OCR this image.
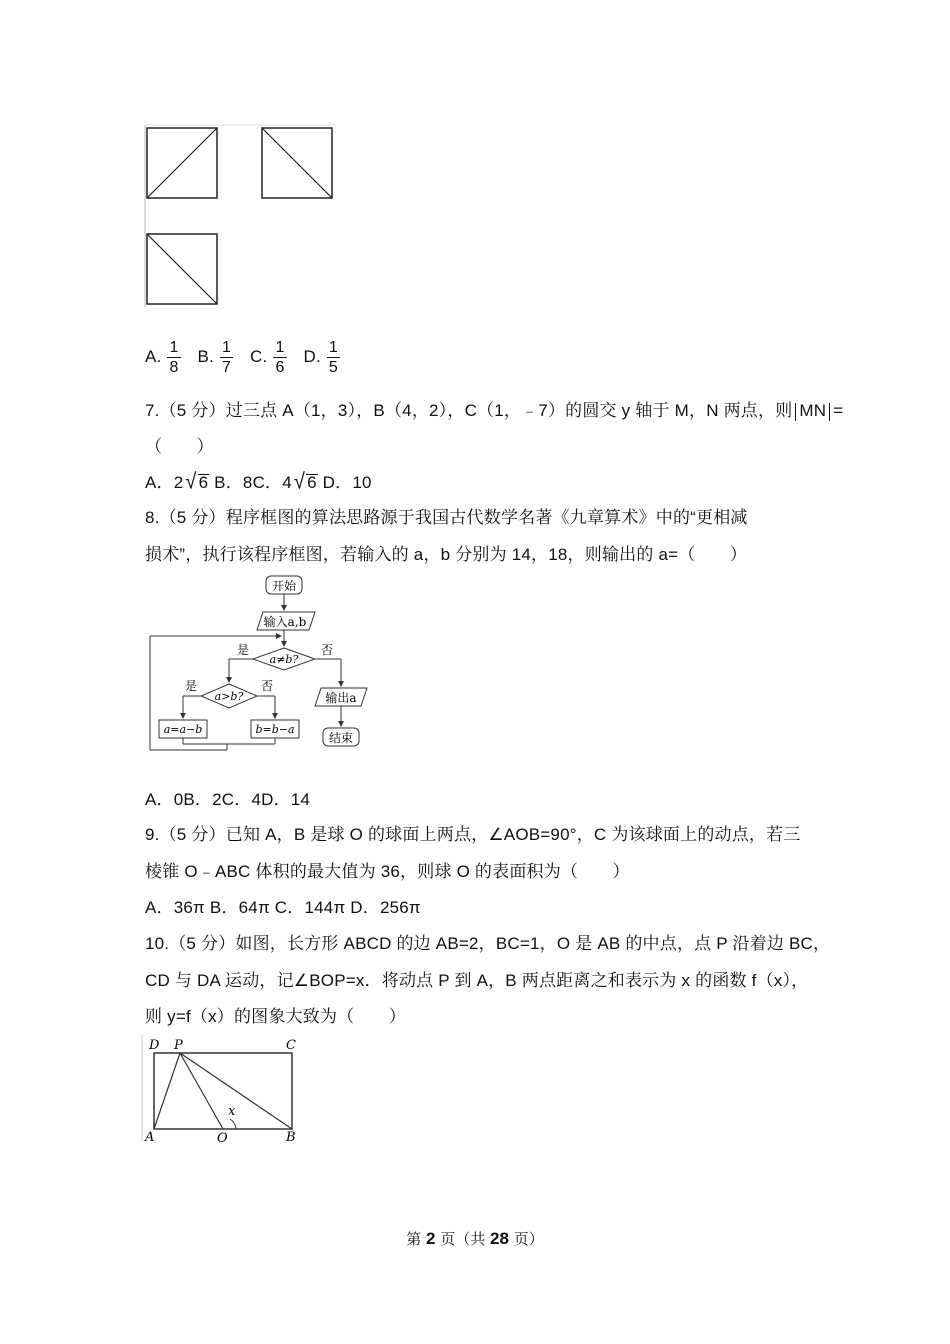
A. $\frac{1}{8} B$. $\frac{1}{7} C$. $\frac{1}{6} D$. $\frac{1}{5}$
7.（5 分）过三点 A（1，3），B（4，2），C（1，﹣7）的圆交 y 轴于 M，N 两点，则 MN =
（　　）
A．2 √ 6 B．8C．4 √ 6 D．10
8.（5 分）程序框图的算法思路源于我国古代数学名著《九章算术》中的“更相减
损术”，执行该程序框图，若输入的 a，b 分别为 14，18，则输出的 a=（　　）
开始
输入a,b
a≠b?
是	否
输出a
结束
a>b?
是	否
a=a−b	b=b−a
A．0B．2C．4D．14
9.（5 分）已知 A，B 是球 O 的球面上两点，∠AOB=90°，C 为该球面上的动点，若三
棱锥 O﹣ABC 体积的最大值为 36，则球 O 的表面积为（　　）
A．36π B．64π C．144π D．256π
10.（5 分）如图，长方形 ABCD 的边 AB=2，BC=1，O 是 AB 的中点，点 P 沿着边 BC，
CD 与 DA 运动，记∠BOP=x．将动点 P 到 A，B 两点距离之和表示为 x 的函数 f（x），
则 y=f（x）的图象大致为（　　）
D P	C
A	O	B
x
第 2 页（共 28 页）
